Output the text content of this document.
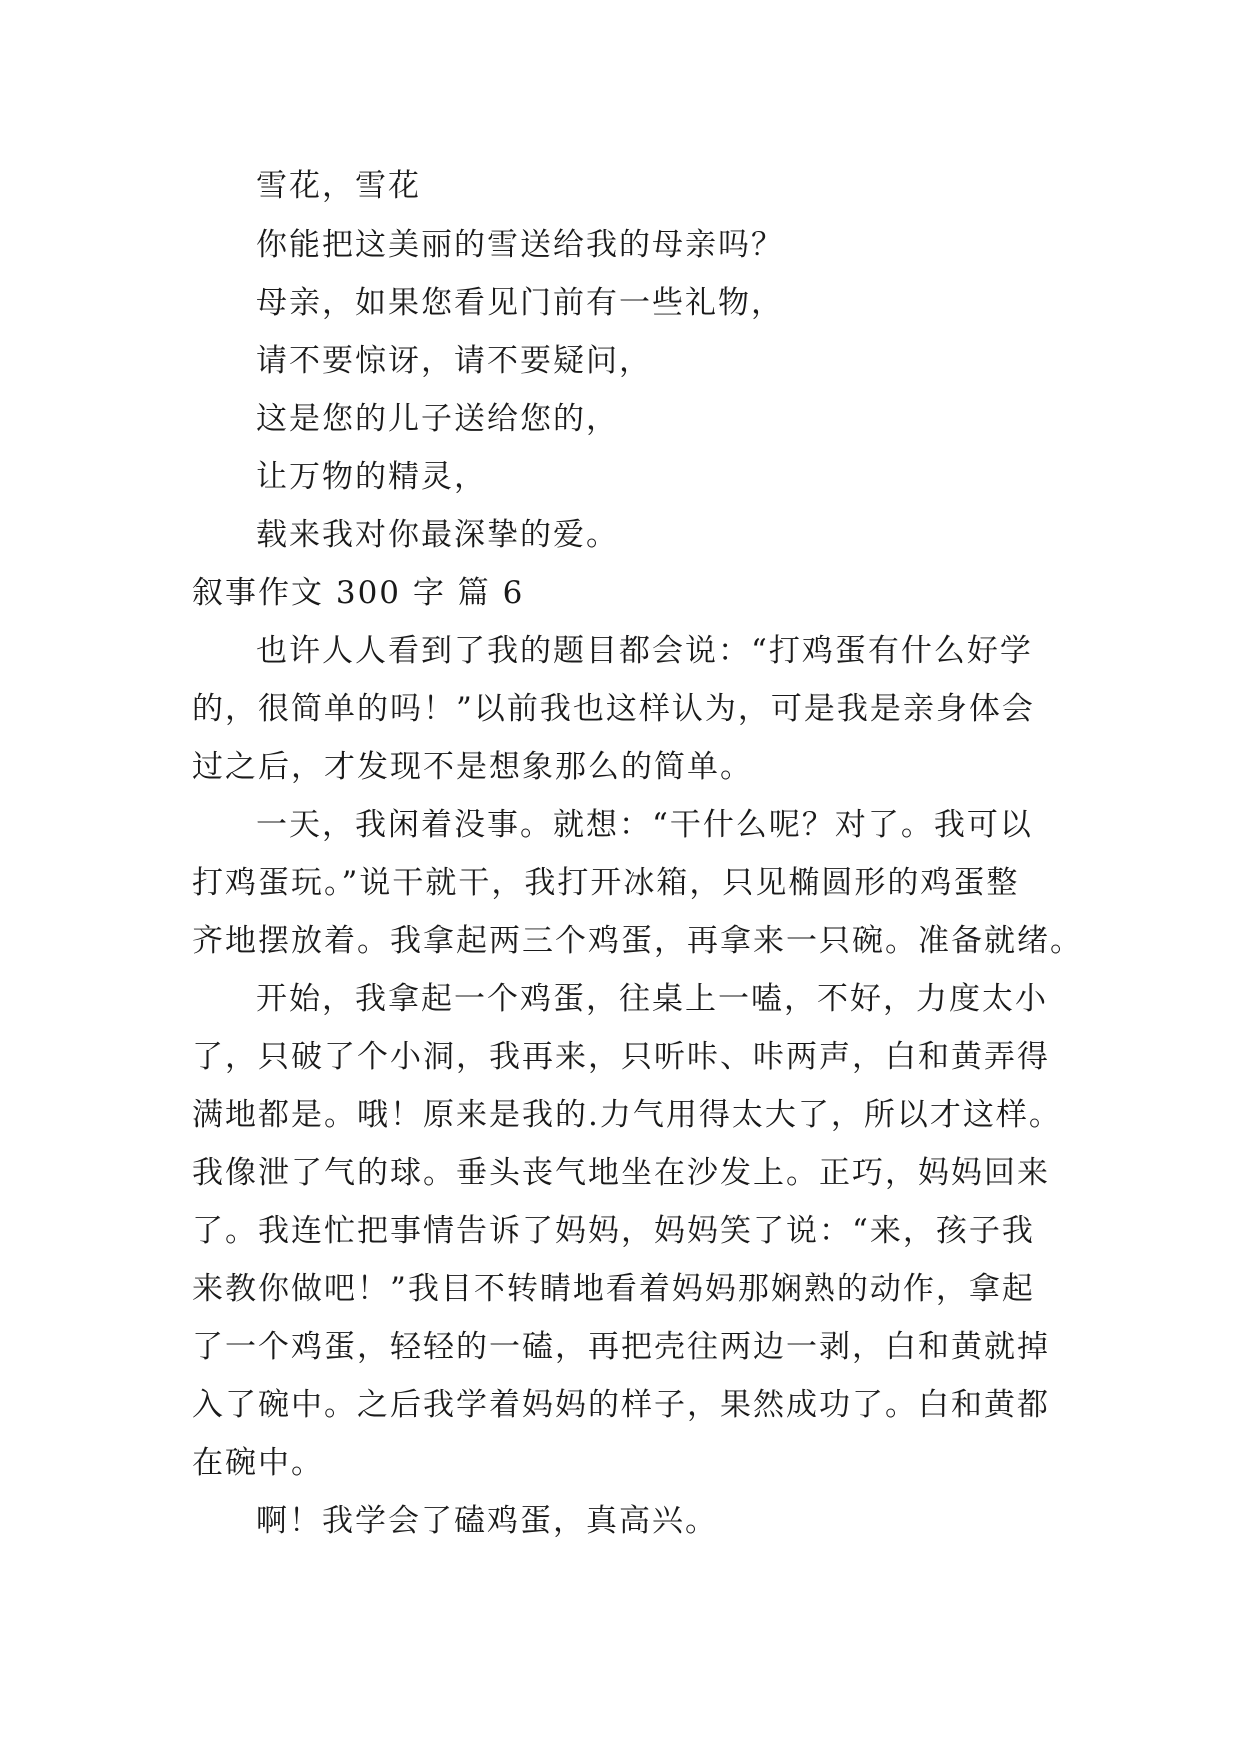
雪花，雪花

你能把这美丽的雪送给我的母亲吗？

母亲，如果您看见门前有一些礼物，

请不要惊讶，请不要疑问，

这是您的儿子送给您的，

让万物的精灵，

载来我对你最深挚的爱。

叙事作文 300 字 篇 6

也许人人看到了我的题目都会说：“打鸡蛋有什么好学

的，很简单的吗！”以前我也这样认为，可是我是亲身体会

过之后，才发现不是想象那么的简单。

一天，我闲着没事。就想：“干什么呢？对了。我可以

打鸡蛋玩。”说干就干，我打开冰箱，只见椭圆形的鸡蛋整

齐地摆放着。我拿起两三个鸡蛋，再拿来一只碗。准备就绪。

开始，我拿起一个鸡蛋，往桌上一嗑，不好，力度太小

了，只破了个小洞，我再来，只听咔、咔两声，白和黄弄得

满地都是。哦！原来是我的.力气用得太大了，所以才这样。

我像泄了气的球。垂头丧气地坐在沙发上。正巧，妈妈回来

了。我连忙把事情告诉了妈妈，妈妈笑了说：“来，孩子我

来教你做吧！”我目不转睛地看着妈妈那娴熟的动作，拿起

了一个鸡蛋，轻轻的一磕，再把壳往两边一剥，白和黄就掉

入了碗中。之后我学着妈妈的样子，果然成功了。白和黄都

在碗中。

啊！我学会了磕鸡蛋，真高兴。
